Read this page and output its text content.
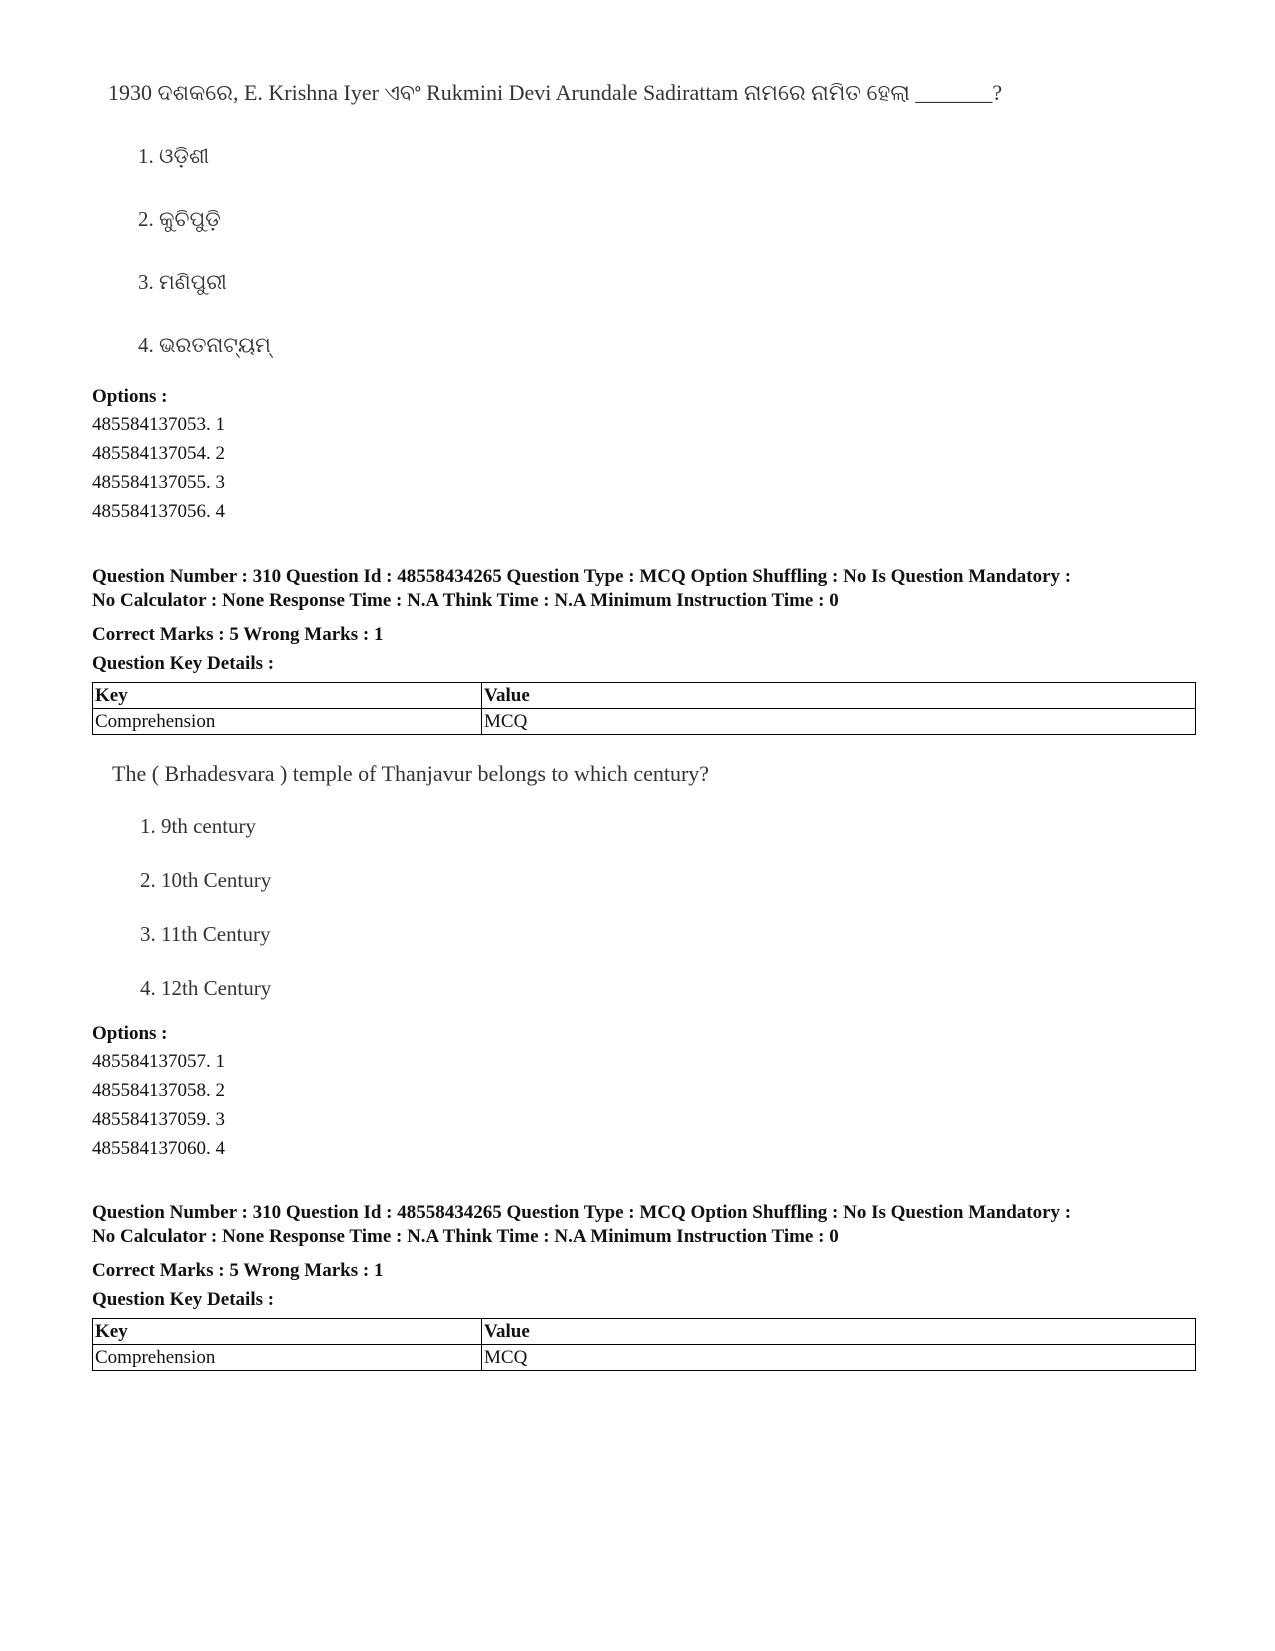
1930 ଦଶକରେ, E. Krishna Iyer ଏବଂ Rukmini Devi Arundale Sadirattam ନାମରେ ନାମିତ ହେଲା _______?
1. ଓଡ଼ିଶୀ
2. କୁଚିପୁଡ଼ି
3. ମଣିପୁରୀ
4. ଭରତନାଟ୍ୟମ୍
Options :
485584137053. 1
485584137054. 2
485584137055. 3
485584137056. 4
Question Number : 310 Question Id : 48558434265 Question Type : MCQ Option Shuffling : No Is Question Mandatory :
No Calculator : None Response Time : N.A Think Time : N.A Minimum Instruction Time : 0
Correct Marks : 5 Wrong Marks : 1
Question Key Details :
Key	Value
Comprehension	MCQ
The ( Brhadesvara ) temple of Thanjavur belongs to which century?
1. 9th century
2. 10th Century
3. 11th Century
4. 12th Century
Options :
485584137057. 1
485584137058. 2
485584137059. 3
485584137060. 4
Question Number : 310 Question Id : 48558434265 Question Type : MCQ Option Shuffling : No Is Question Mandatory :
No Calculator : None Response Time : N.A Think Time : N.A Minimum Instruction Time : 0
Correct Marks : 5 Wrong Marks : 1
Question Key Details :
Key	Value
Comprehension	MCQ
